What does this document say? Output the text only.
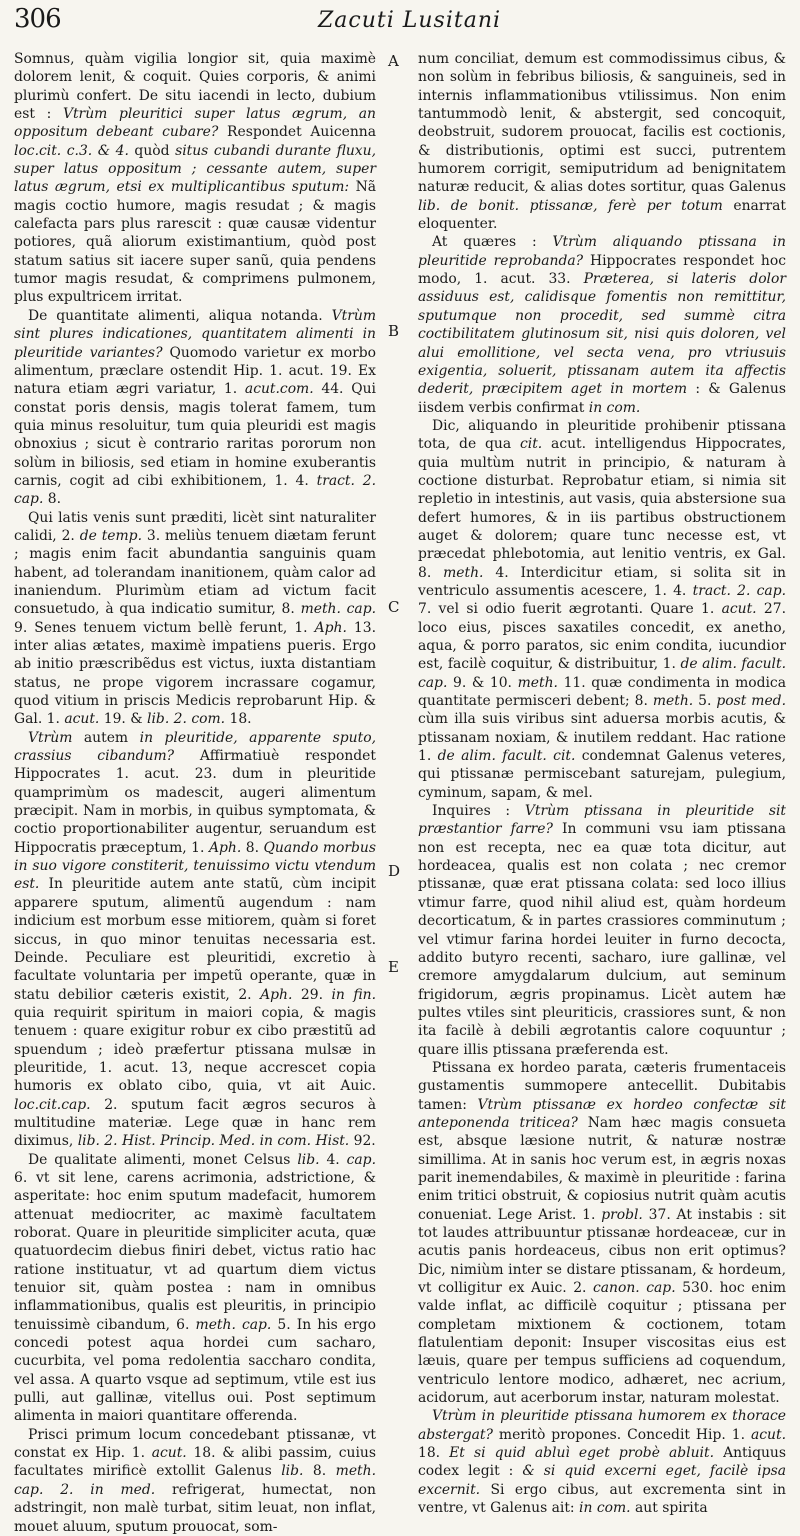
306	Zacuti Lusitani

Somnus, quàm vigilia longior sit, quia maximè dolorem lenit, & coquit. Quies corporis, & animi plurimù confert. De situ iacendi in lecto, dubium est : Vtrùm pleuritici super latus ægrum, an oppositum debeant cubare? Respondet Auicenna loc.cit. c.3. & 4. quòd situs cubandi durante fluxu, super latus oppositum ; cessante autem, super latus ægrum, etsi ex multiplicantibus sputum: Nã magis coctio humore, magis resudat ; & magis calefacta pars plus rarescit : quæ causæ videntur potiores, quã aliorum existimantium, quòd post statum satius sit iacere super sanũ, quia pendens tumor magis resudat, & comprimens pulmonem, plus expultricem irritat.

De quantitate alimenti, aliqua notanda. Vtrùm sint plures indicationes, quantitatem alimenti in pleuritide variantes? Quomodo varietur ex morbo alimentum, præclare ostendit Hip. 1. acut. 19. Ex natura etiam ægri variatur, 1. acut.com. 44. Qui constat poris densis, magis tolerat famem, tum quia minus resoluitur, tum quia pleuridi est magis obnoxius ; sicut è contrario raritas pororum non solùm in biliosis, sed etiam in homine exuberantis carnis, cogit ad cibi exhibitionem, 1. 4. tract. 2. cap. 8.

Qui latis venis sunt præditi, licèt sint naturaliter calidi, 2. de temp. 3. meliùs tenuem diætam ferunt ; magis enim facit abundantia sanguinis quam habent, ad tolerandam inanitionem, quàm calor ad inaniendum. Plurimùm etiam ad victum facit consuetudo, à qua indicatio sumitur, 8. meth. cap. 9. Senes tenuem victum bellè ferunt, 1. Aph. 13. inter alias ætates, maximè impatiens pueris. Ergo ab initio præscribẽdus est victus, iuxta distantiam status, ne prope vigorem incrassare cogamur, quod vitium in priscis Medicis reprobarunt Hip. & Gal. 1. acut. 19. & lib. 2. com. 18.

Vtrùm autem in pleuritide, apparente sputo, crassius cibandum? Affirmatiuè respondet Hippocrates 1. acut. 23. dum in pleuritide quamprimùm os madescit, augeri alimentum præcipit. Nam in morbis, in quibus symptomata, & coctio proportionabiliter augentur, seruandum est Hippocratis præceptum, 1. Aph. 8. Quando morbus in suo vigore constiterit, tenuissimo victu vtendum est. In pleuritide autem ante statũ, cùm incipit apparere sputum, alimentũ augendum : nam indicium est morbum esse mitiorem, quàm si foret siccus, in quo minor tenuitas necessaria est. Deinde. Peculiare est pleuritidi, excretio à facultate voluntaria per impetũ operante, quæ in statu debilior cæteris existit, 2. Aph. 29. in fin. quia requirit spiritum in maiori copia, & magis tenuem : quare exigitur robur ex cibo præstitũ ad spuendum ; ideò præfertur ptissana mulsæ in pleuritide, 1. acut. 13, neque accrescet copia humoris ex oblato cibo, quia, vt ait Auic. loc.cit.cap. 2. sputum facit ægros securos à multitudine materiæ. Lege quæ in hanc rem diximus, lib. 2. Hist. Princip. Med. in com. Hist. 92.

De qualitate alimenti, monet Celsus lib. 4. cap. 6. vt sit lene, carens acrimonia, adstrictione, & asperitate: hoc enim sputum madefacit, humorem attenuat mediocriter, ac maximè facultatem roborat. Quare in pleuritide simpliciter acuta, quæ quatuordecim diebus finiri debet, victus ratio hac ratione instituatur, vt ad quartum diem victus tenuior sit, quàm postea : nam in omnibus inflammationibus, qualis est pleuritis, in principio tenuissimè cibandum, 6. meth. cap. 5. In his ergo concedi potest aqua hordei cum sacharo, cucurbita, vel poma redolentia saccharo condita, vel assa. A quarto vsque ad septimum, vtile est ius pulli, aut gallinæ, vitellus oui. Post septimum alimenta in maiori quantitare offerenda.

Prisci primum locum concedebant ptissanæ, vt constat ex Hip. 1. acut. 18. & alibi passim, cuius facultates mirificè extollit Galenus lib. 8. meth. cap. 2. in med. refrigerat, humectat, non adstringit, non malè turbat, sitim leuat, non inflat, mouet aluum, sputum prouocat, som-

A
B
C
D
E

num conciliat, demum est commodissimus cibus, & non solùm in febribus biliosis, & sanguineis, sed in internis inflammationibus vtilissimus. Non enim tantummodò lenit, & abstergit, sed concoquit, deobstruit, sudorem prouocat, facilis est coctionis, & distributionis, optimi est succi, putrentem humorem corrigit, semiputridum ad benignitatem naturæ reducit, & alias dotes sortitur, quas Galenus lib. de bonit. ptissanæ, ferè per totum enarrat eloquenter.

At quæres : Vtrùm aliquando ptissana in pleuritide reprobanda? Hippocrates respondet hoc modo, 1. acut. 33. Præterea, si lateris dolor assiduus est, calidisque fomentis non remittitur, sputumque non procedit, sed summè citra coctibilitatem glutinosum sit, nisi quis doloren, vel alui emollitione, vel secta vena, pro vtriusuis exigentia, soluerit, ptissanam autem ita affectis dederit, præcipitem aget in mortem : & Galenus iisdem verbis confirmat in com.

Dic, aliquando in pleuritide prohibenir ptissana tota, de qua cit. acut. intelligendus Hippocrates, quia multùm nutrit in principio, & naturam à coctione disturbat. Reprobatur etiam, si nimia sit repletio in intestinis, aut vasis, quia abstersione sua defert humores, & in iis partibus obstructionem auget & dolorem; quare tunc necesse est, vt præcedat phlebotomia, aut lenitio ventris, ex Gal. 8. meth. 4. Interdicitur etiam, si solita sit in ventriculo assumentis acescere, 1. 4. tract. 2. cap. 7. vel si odio fuerit ægrotanti. Quare 1. acut. 27. loco eius, pisces saxatiles concedit, ex anetho, aqua, & porro paratos, sic enim condita, iucundior est, facilè coquitur, & distribuitur, 1. de alim. facult. cap. 9. & 10. meth. 11. quæ condimenta in modica quantitate permisceri debent; 8. meth. 5. post med. cùm illa suis viribus sint aduersa morbis acutis, & ptissanam noxiam, & inutilem reddant. Hac ratione 1. de alim. facult. cit. condemnat Galenus veteres, qui ptissanæ permiscebant saturejam, pulegium, cyminum, sapam, & mel.

Inquires : Vtrùm ptissana in pleuritide sit præstantior farre? In communi vsu iam ptissana non est recepta, nec ea quæ tota dicitur, aut hordeacea, qualis est non colata ; nec cremor ptissanæ, quæ erat ptissana colata: sed loco illius vtimur farre, quod nihil aliud est, quàm hordeum decorticatum, & in partes crassiores comminutum ; vel vtimur farina hordei leuiter in furno decocta, addito butyro recenti, sacharo, iure gallinæ, vel cremore amygdalarum dulcium, aut seminum frigidorum, ægris propinamus. Licèt autem hæ pultes vtiles sint pleuriticis, crassiores sunt, & non ita facilè à debili ægrotantis calore coquuntur ; quare illis ptissana præferenda est.

Ptissana ex hordeo parata, cæteris frumentaceis gustamentis summopere antecellit. Dubitabis tamen: Vtrùm ptissanæ ex hordeo confectæ sit anteponenda triticea? Nam hæc magis consueta est, absque læsione nutrit, & naturæ nostræ simillima. At in sanis hoc verum est, in ægris noxas parit inemendabiles, & maximè in pleuritide : farina enim tritici obstruit, & copiosius nutrit quàm acutis conueniat. Lege Arist. 1. probl. 37. At instabis : sit tot laudes attribuuntur ptissanæ hordeaceæ, cur in acutis panis hordeaceus, cibus non erit optimus? Dic, nimiùm inter se distare ptissanam, & hordeum, vt colligitur ex Auic. 2. canon. cap. 530. hoc enim valde inflat, ac difficilè coquitur ; ptissana per completam mixtionem & coctionem, totam flatulentiam deponit: Insuper viscositas eius est læuis, quare per tempus sufficiens ad coquendum, ventriculo lentore modico, adhæret, nec acrium, acidorum, aut acerborum instar, naturam molestat.

Vtrùm in pleuritide ptissana humorem ex thorace abstergat? meritò propones. Concedit Hip. 1. acut. 18. Et si quid abluì eget probè abluit. Antiquus codex legit : & si quid excerni eget, facilè ipsa excernit. Si ergo cibus, aut excrementa sint in ventre, vt Galenus ait: in com. aut spirita
